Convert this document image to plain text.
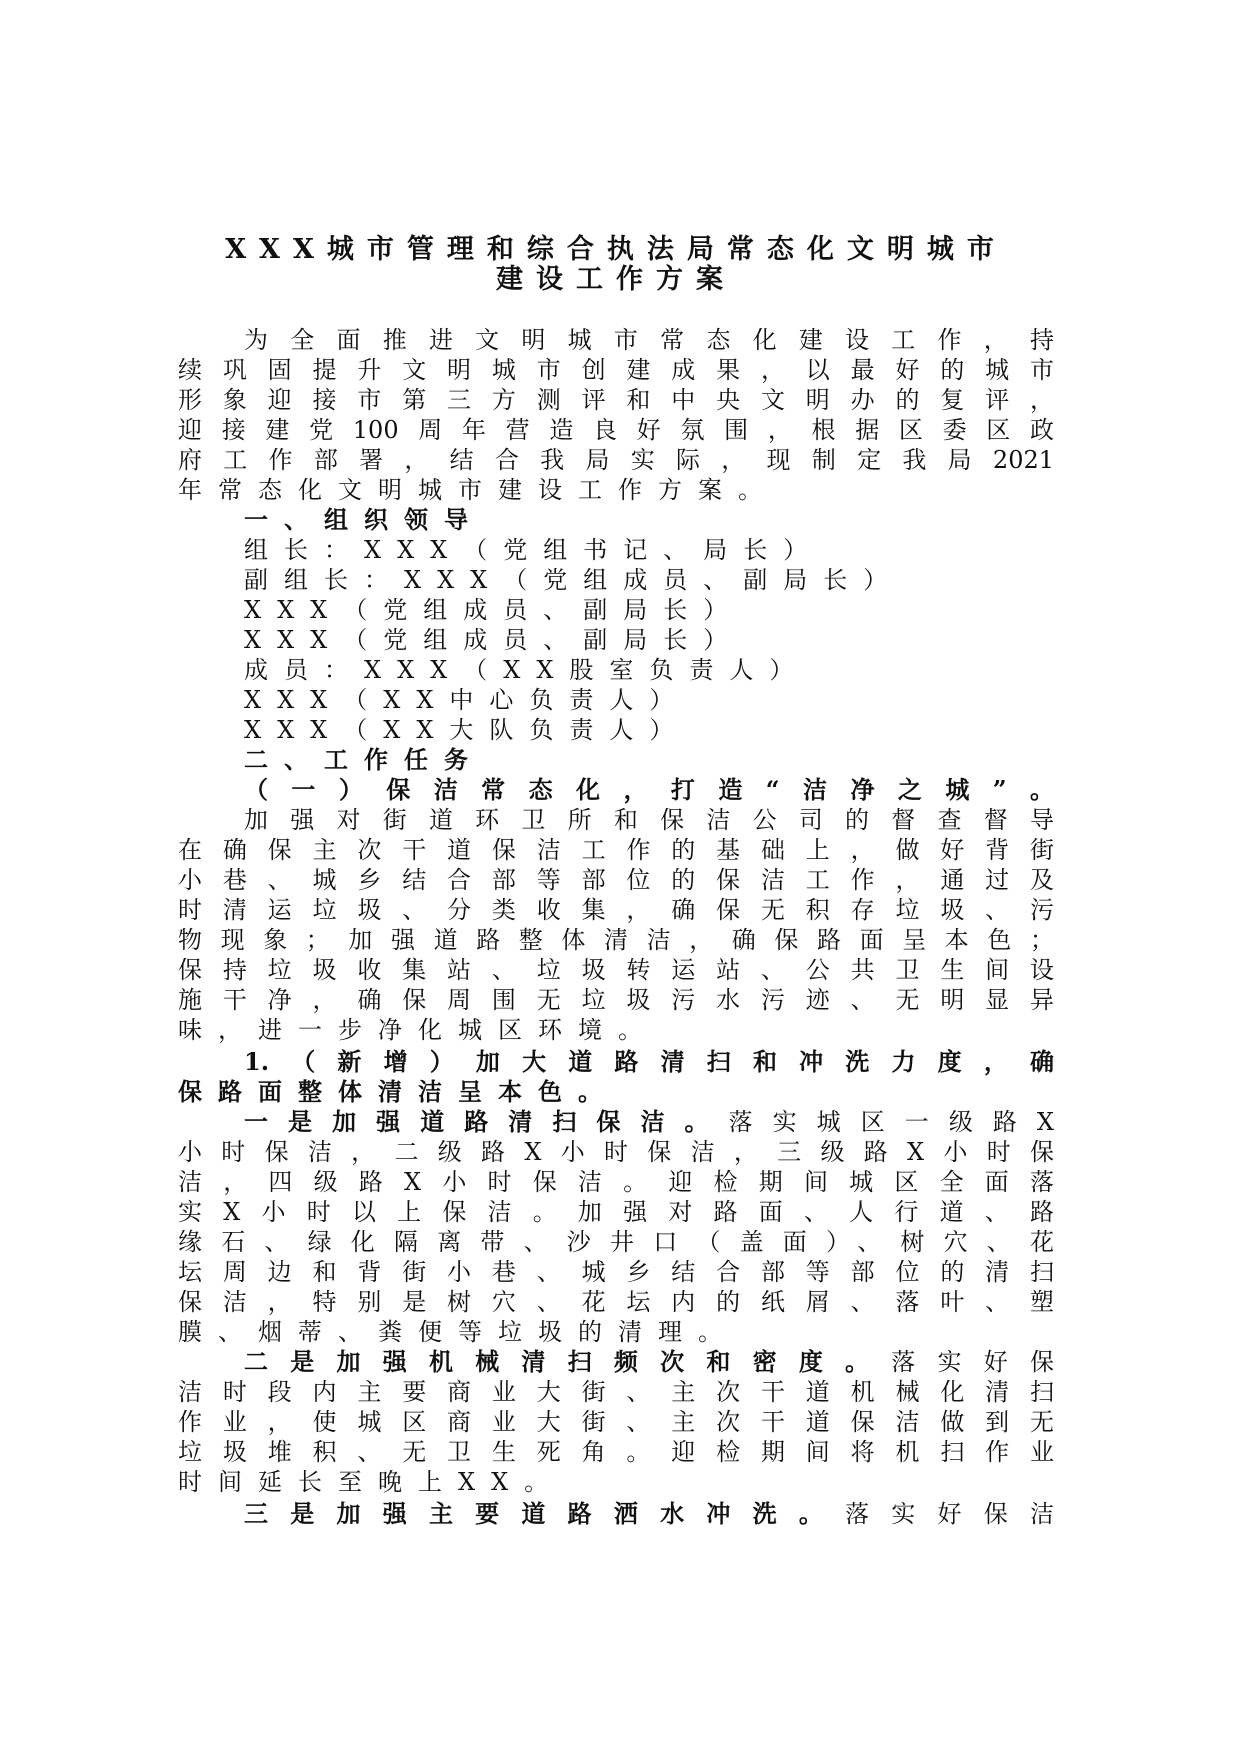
XXX城市管理和综合执法局常态化文明城市
建设工作方案
为全面推进文明城市常态化建设工作，持
续巩固提升文明城市创建成果，以最好的城市
形象迎接市第三方测评和中央文明办的复评，
迎接建党100周年营造良好氛围，根据区委区政
府工作部署，结合我局实际，现制定我局2021
年常态化文明城市建设工作方案。
一、组织领导
组长：XXX（党组书记、局长）
副组长：XXX（党组成员、副局长）
XXX（党组成员、副局长）
XXX（党组成员、副局长）
成员：XXX（XX股室负责人）
XXX（XX中心负责人）
XXX（XX大队负责人）
二、工作任务
（一）保洁常态化，打造“洁净之城”。
加强对街道环卫所和保洁公司的督查督导
在确保主次干道保洁工作的基础上，做好背街
小巷、城乡结合部等部位的保洁工作，通过及
时清运垃圾、分类收集，确保无积存垃圾、污
物现象；加强道路整体清洁，确保路面呈本色；
保持垃圾收集站、垃圾转运站、公共卫生间设
施干净，确保周围无垃圾污水污迹、无明显异
味，进一步净化城区环境。
1.（新增）加大道路清扫和冲洗力度，确
保路面整体清洁呈本色。
一是加强道路清扫保洁。落实城区一级路X
小时保洁，二级路X小时保洁，三级路X小时保
洁，四级路X小时保洁。迎检期间城区全面落
实X小时以上保洁。加强对路面、人行道、路
缘石、绿化隔离带、沙井口（盖面）、树穴、花
坛周边和背街小巷、城乡结合部等部位的清扫
保洁，特别是树穴、花坛内的纸屑、落叶、塑
膜、烟蒂、粪便等垃圾的清理。
二是加强机械清扫频次和密度。落实好保
洁时段内主要商业大街、主次干道机械化清扫
作业，使城区商业大街、主次干道保洁做到无
垃圾堆积、无卫生死角。迎检期间将机扫作业
时间延长至晚上XX。
三是加强主要道路洒水冲洗。落实好保洁
